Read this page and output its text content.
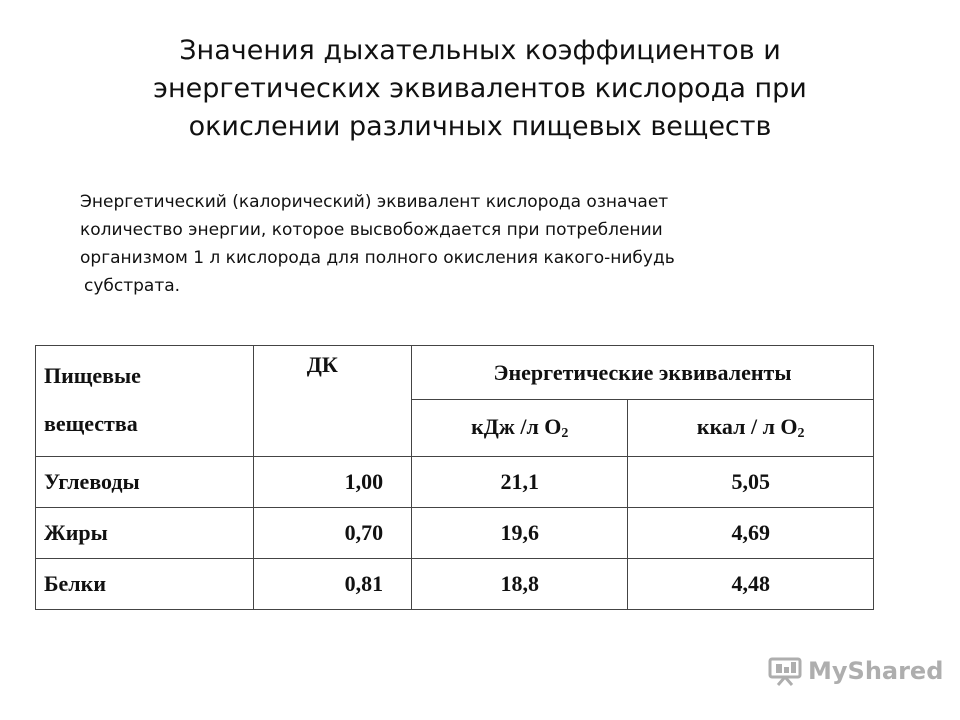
Значения дыхательных коэффициентов и
энергетических эквивалентов кислорода при
окислении различных пищевых веществ
Энергетический (калорический) эквивалент кислорода означает
количество энергии, которое высвобождается при потреблении
организмом 1 л кислорода для полного окисления какого-нибудь
субстрата.
Пищевые
вещества	ДК	Энергетические эквиваленты	
		кДж /л $О_2$	ккал / л $О_2$
Углеводы	1,00	21,1	5,05
Жиры	0,70	19,6	4,69
Белки	0,81	18,8	4,48
MyShared
